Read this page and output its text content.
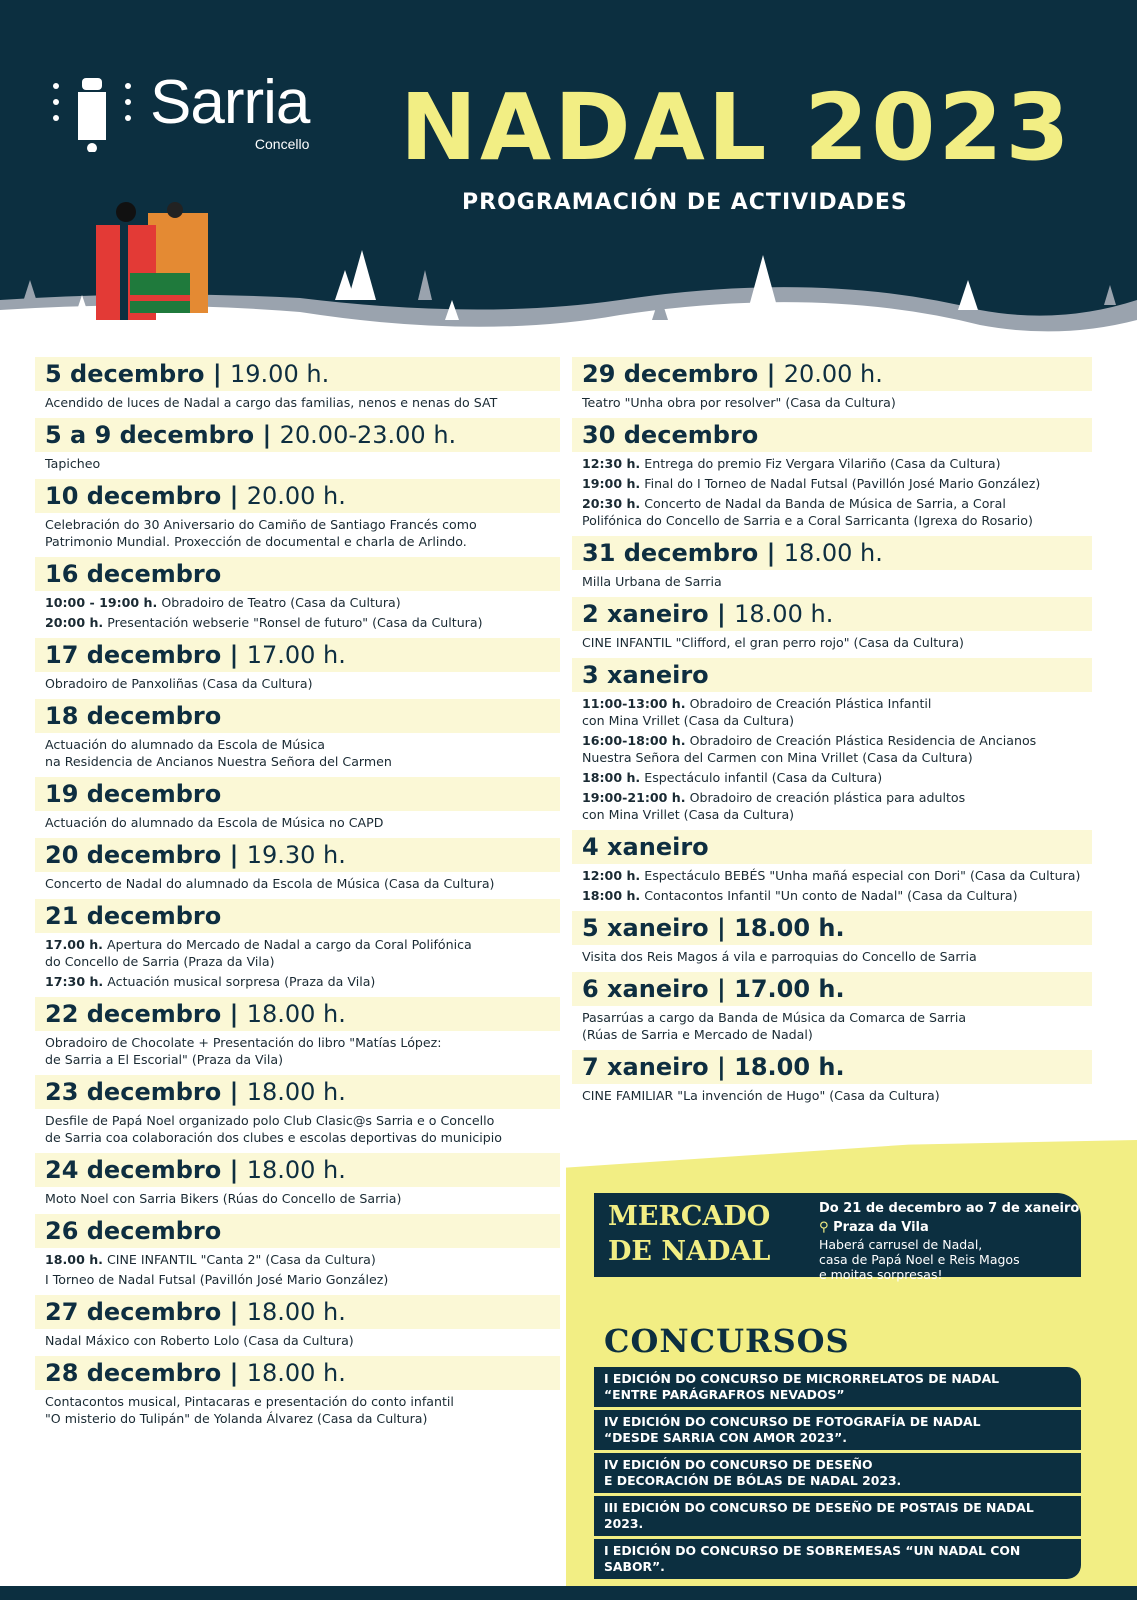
Sarria
Concello NADAL 2023
PROGRAMACIÓN DE ACTIVIDADES
5 decembro | 19.00 h.

Acendido de luces de Nadal a cargo das familias, nenos e nenas do SAT

5 a 9 decembro | 20.00-23.00 h.

Tapicheo

10 decembro | 20.00 h.

Celebración do 30 Aniversario do Camiño de Santiago Francés como
Patrimonio Mundial. Proxección de documental e charla de Arlindo.

16 decembro

10:00 - 19:00 h. Obradoiro de Teatro (Casa da Cultura)

20:00 h. Presentación webserie "Ronsel de futuro" (Casa da Cultura)

17 decembro | 17.00 h.

Obradoiro de Panxoliñas (Casa da Cultura)

18 decembro

Actuación do alumnado da Escola de Música
na Residencia de Ancianos Nuestra Señora del Carmen

19 decembro

Actuación do alumnado da Escola de Música no CAPD

20 decembro | 19.30 h.

Concerto de Nadal do alumnado da Escola de Música (Casa da Cultura)

21 decembro

17.00 h. Apertura do Mercado de Nadal a cargo da Coral Polifónica
do Concello de Sarria (Praza da Vila)

17:30 h. Actuación musical sorpresa (Praza da Vila)

22 decembro | 18.00 h.

Obradoiro de Chocolate + Presentación do libro "Matías López:
de Sarria a El Escorial" (Praza da Vila)

23 decembro | 18.00 h.

Desfile de Papá Noel organizado polo Club Clasic@s Sarria e o Concello
de Sarria coa colaboración dos clubes e escolas deportivas do municipio

24 decembro | 18.00 h.

Moto Noel con Sarria Bikers (Rúas do Concello de Sarria)

26 decembro

18.00 h. CINE INFANTIL "Canta 2" (Casa da Cultura)

I Torneo de Nadal Futsal (Pavillón José Mario González)

27 decembro | 18.00 h.

Nadal Máxico con Roberto Lolo (Casa da Cultura)

28 decembro | 18.00 h.

Contacontos musical, Pintacaras e presentación do conto infantil
"O misterio do Tulipán" de Yolanda Álvarez (Casa da Cultura)

29 decembro | 20.00 h.

Teatro "Unha obra por resolver" (Casa da Cultura)

30 decembro

12:30 h. Entrega do premio Fiz Vergara Vilariño (Casa da Cultura)

19:00 h. Final do I Torneo de Nadal Futsal (Pavillón José Mario González)

20:30 h. Concerto de Nadal da Banda de Música de Sarria, a Coral
Polifónica do Concello de Sarria e a Coral Sarricanta (Igrexa do Rosario)

31 decembro | 18.00 h.

Milla Urbana de Sarria

2 xaneiro | 18.00 h.

CINE INFANTIL "Clifford, el gran perro rojo" (Casa da Cultura)

3 xaneiro

11:00-13:00 h. Obradoiro de Creación Plástica Infantil
con Mina Vrillet (Casa da Cultura)

16:00-18:00 h. Obradoiro de Creación Plástica Residencia de Ancianos
Nuestra Señora del Carmen con Mina Vrillet (Casa da Cultura)

18:00 h. Espectáculo infantil (Casa da Cultura)

19:00-21:00 h. Obradoiro de creación plástica para adultos
con Mina Vrillet (Casa da Cultura)

4 xaneiro

12:00 h. Espectáculo BEBÉS "Unha mañá especial con Dori" (Casa da Cultura)

18:00 h. Contacontos Infantil "Un conto de Nadal" (Casa da Cultura)

5 xaneiro | 18.00 h.

Visita dos Reis Magos á vila e parroquias do Concello de Sarria

6 xaneiro | 17.00 h.

Pasarrúas a cargo da Banda de Música da Comarca de Sarria
(Rúas de Sarria e Mercado de Nadal)

7 xaneiro | 18.00 h.

CINE FAMILIAR "La invención de Hugo" (Casa da Cultura)

MERCADO
DE NADAL
Do 21 de decembro ao 7 de xaneiro
⚲ Praza da Vila
Haberá carrusel de Nadal,
casa de Papá Noel e Reis Magos
e moitas sorpresas!
CONCURSOS
I EDICIÓN DO CONCURSO DE MICRORRELATOS DE NADAL
“ENTRE PARÁGRAFROS NEVADOS”
IV EDICIÓN DO CONCURSO DE FOTOGRAFÍA DE NADAL
“DESDE SARRIA CON AMOR 2023”.
IV EDICIÓN DO CONCURSO DE DESEÑO
E DECORACIÓN DE BÓLAS DE NADAL 2023.
III EDICIÓN DO CONCURSO DE DESEÑO DE POSTAIS DE NADAL 2023.
I EDICIÓN DO CONCURSO DE SOBREMESAS “UN NADAL CON SABOR”.
